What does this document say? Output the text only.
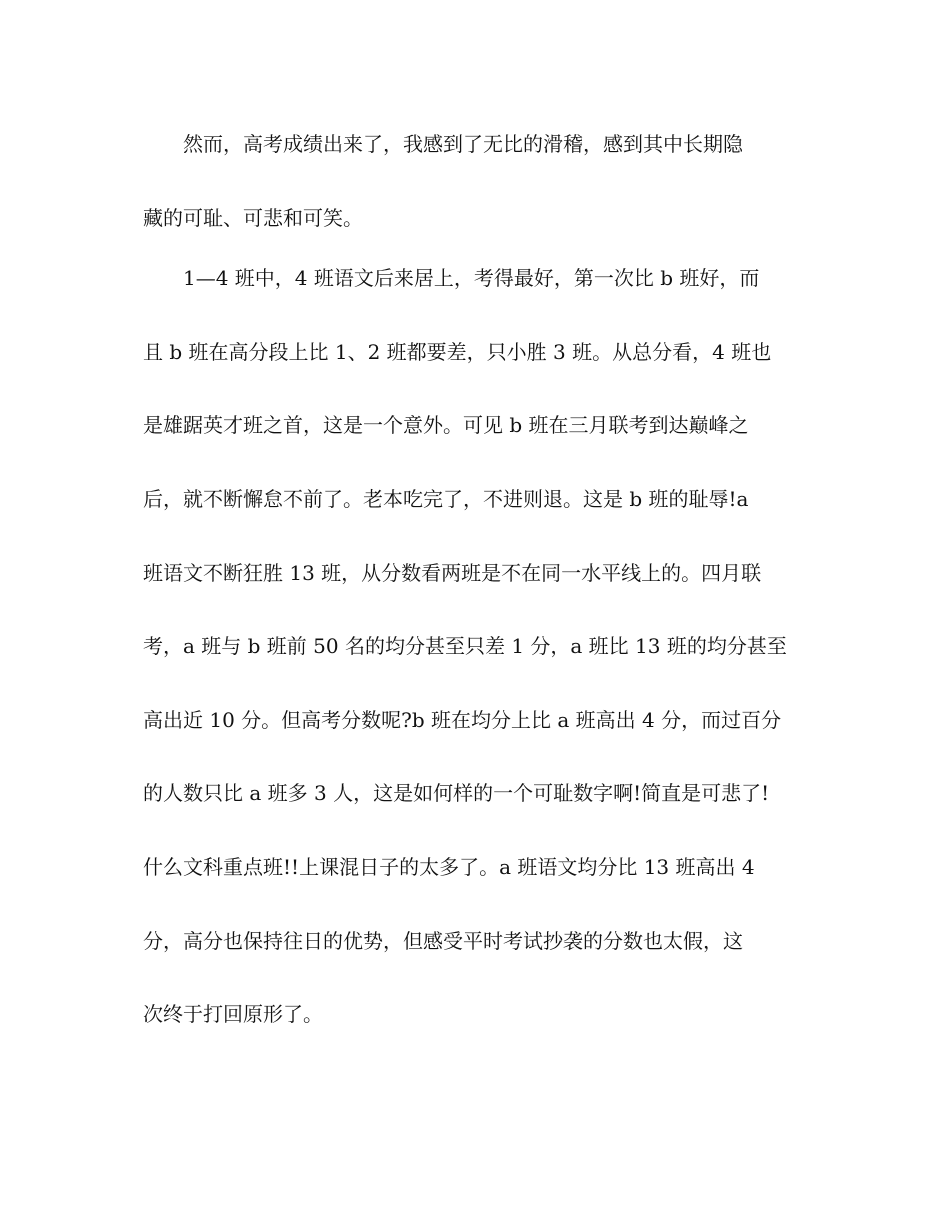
然而，高考成绩出来了，我感到了无比的滑稽，感到其中长期隐
藏的可耻、可悲和可笑。
1—4 班中，4 班语文后来居上，考得最好，第一次比 b 班好，而
且 b 班在高分段上比 1、2 班都要差，只小胜 3 班。从总分看，4 班也
是雄踞英才班之首，这是一个意外。可见 b 班在三月联考到达巅峰之
后，就不断懈怠不前了。老本吃完了，不进则退。这是 b 班的耻辱!a
班语文不断狂胜 13 班，从分数看两班是不在同一水平线上的。四月联
考，a 班与 b 班前 50 名的均分甚至只差 1 分，a 班比 13 班的均分甚至
高出近 10 分。但高考分数呢?b 班在均分上比 a 班高出 4 分，而过百分
的人数只比 a 班多 3 人，这是如何样的一个可耻数字啊!简直是可悲了!
什么文科重点班!!上课混日子的太多了。a 班语文均分比 13 班高出 4
分，高分也保持往日的优势，但感受平时考试抄袭的分数也太假，这
次终于打回原形了。
